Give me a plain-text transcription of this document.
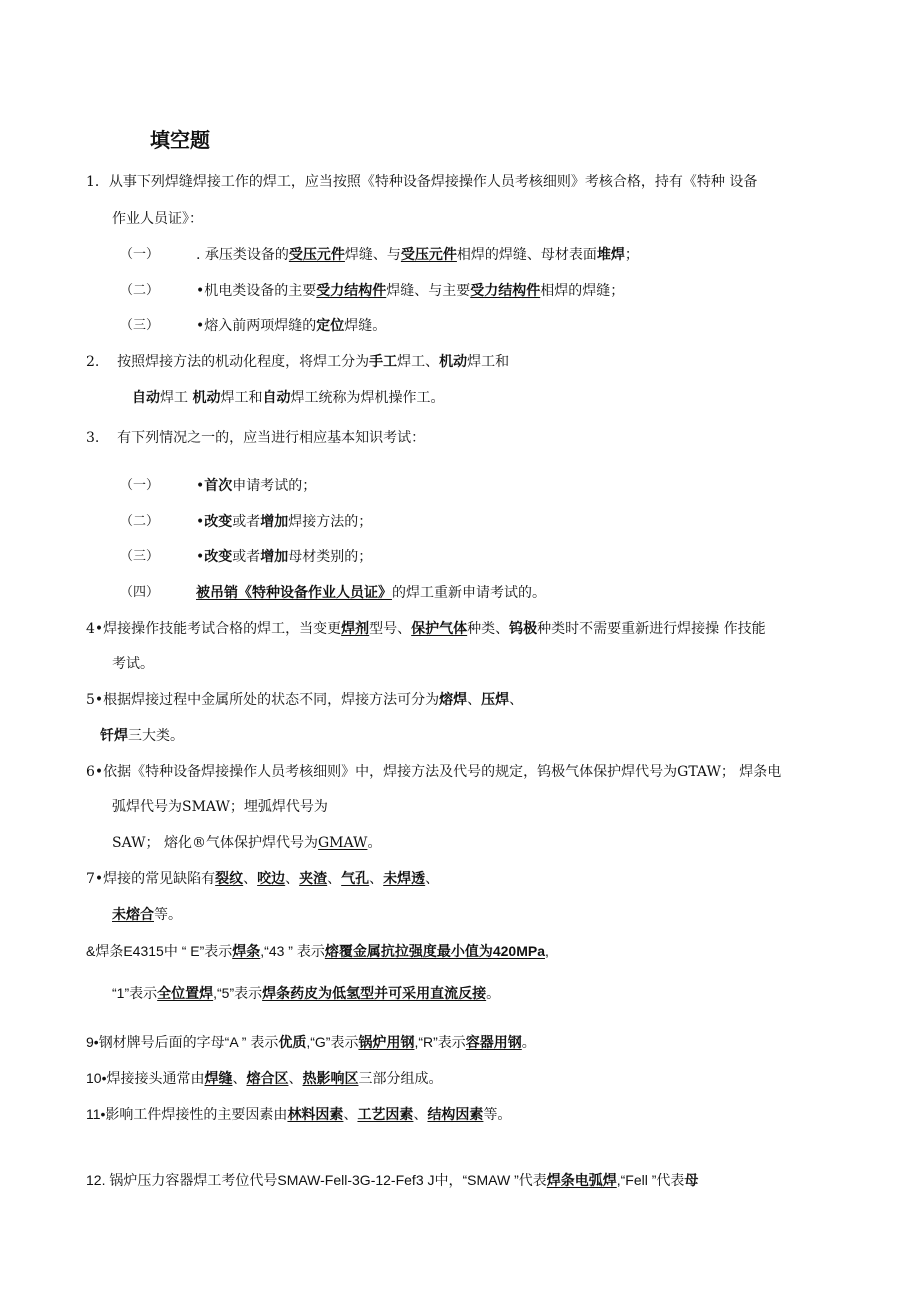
填空题
1．从事下列焊缝焊接工作的焊工，应当按照《特种设备焊接操作人员考核细则》考核合格，持有《特种 设备
作业人员证》：
（一）	. 承压类设备的受压元件焊缝、与受压元件相焊的焊缝、母材表面堆焊；
（二）	•机电类设备的主要受力结构件焊缝、与主要受力结构件相焊的焊缝；
（三）	•熔入前两项焊缝的定位焊缝。
2. 按照焊接方法的机动化程度，将焊工分为手工焊工、机动焊工和
自动焊工 机动焊工和自动焊工统称为焊机操作工。
3. 有下列情况之一的，应当进行相应基本知识考试：
（一）	•首次申请考试的；
（二）	•改变或者增加焊接方法的；
（三）	•改变或者增加母材类别的；
（四）	被吊销《特种设备作业人员证》的焊工重新申请考试的。
4•焊接操作技能考试合格的焊工，当变更焊剂型号、保护气体种类、钨极种类时不需要重新进行焊接操 作技能
考试。
5•根据焊接过程中金属所处的状态不同，焊接方法可分为熔焊、压焊、
钎焊三大类。
6•依据《特种设备焊接操作人员考核细则》中，焊接方法及代号的规定，钨极气体保护焊代号为GTAW； 焊条电
弧焊代号为SMAW；埋弧焊代号为
SAW； 熔化®气体保护焊代号为GMAW。
7•焊接的常见缺陷有裂纹、咬边、夹渣、气孔、未焊透、
未熔合等。
&焊条E4315中 “ E”表示焊条,“43 ” 表示熔覆金属抗拉强度最小值为420MPa,
“1”表示全位置焊,“5”表示焊条药皮为低氢型并可采用直流反接。
9•钢材牌号后面的字母“A ” 表示优质,“G”表示锅炉用钢,“R”表示容器用钢。
10•焊接接头通常由焊缝、熔合区、热影响区三部分组成。
11•影响工件焊接性的主要因素由林料因素、工艺因素、结构因素等。
12. 锅炉压力容器焊工考位代号SMAW-Fell-3G-12-Fef3 J中，“SMAW ”代表焊条电弧焊,“Fell ”代表母
